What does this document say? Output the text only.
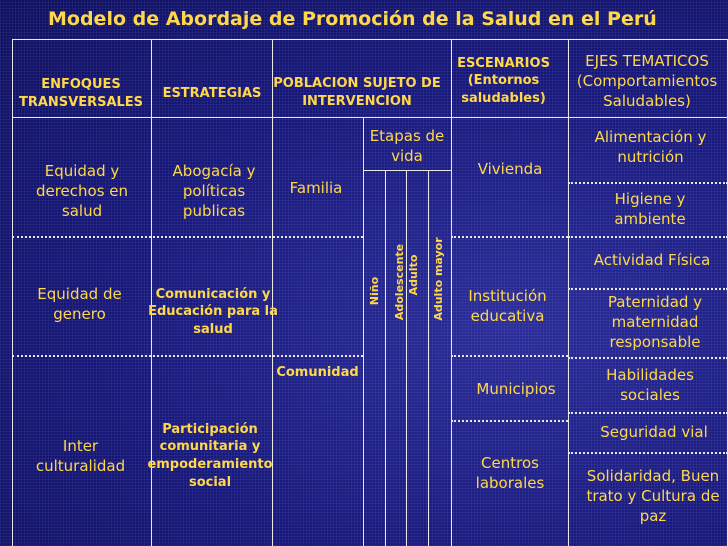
Modelo de Abordaje de Promoción de la Salud en el Perú
ENFOQUES TRANSVERSALES
ESTRATEGIAS
POBLACION SUJETO DE INTERVENCION
ESCENARIOS
(Entornos saludables)
EJES TEMATICOS
(Comportamientos Saludables)
Equidad y derechos en salud
Equidad de genero
Inter culturalidad
Abogacía y políticas publicas
Comunicación y Educación para la salud
Participación comunitaria y empoderamiento social
Familia
Comunidad
Etapas de vida
Niño Adolescente Adulto Adulto mayor
Vivienda
Institución educativa
Municipios
Centros laborales
Alimentación y nutrición
Higiene y ambiente
Actividad Física
Paternidad y maternidad responsable
Habilidades sociales
Seguridad vial
Solidaridad, Buen trato y Cultura de paz
